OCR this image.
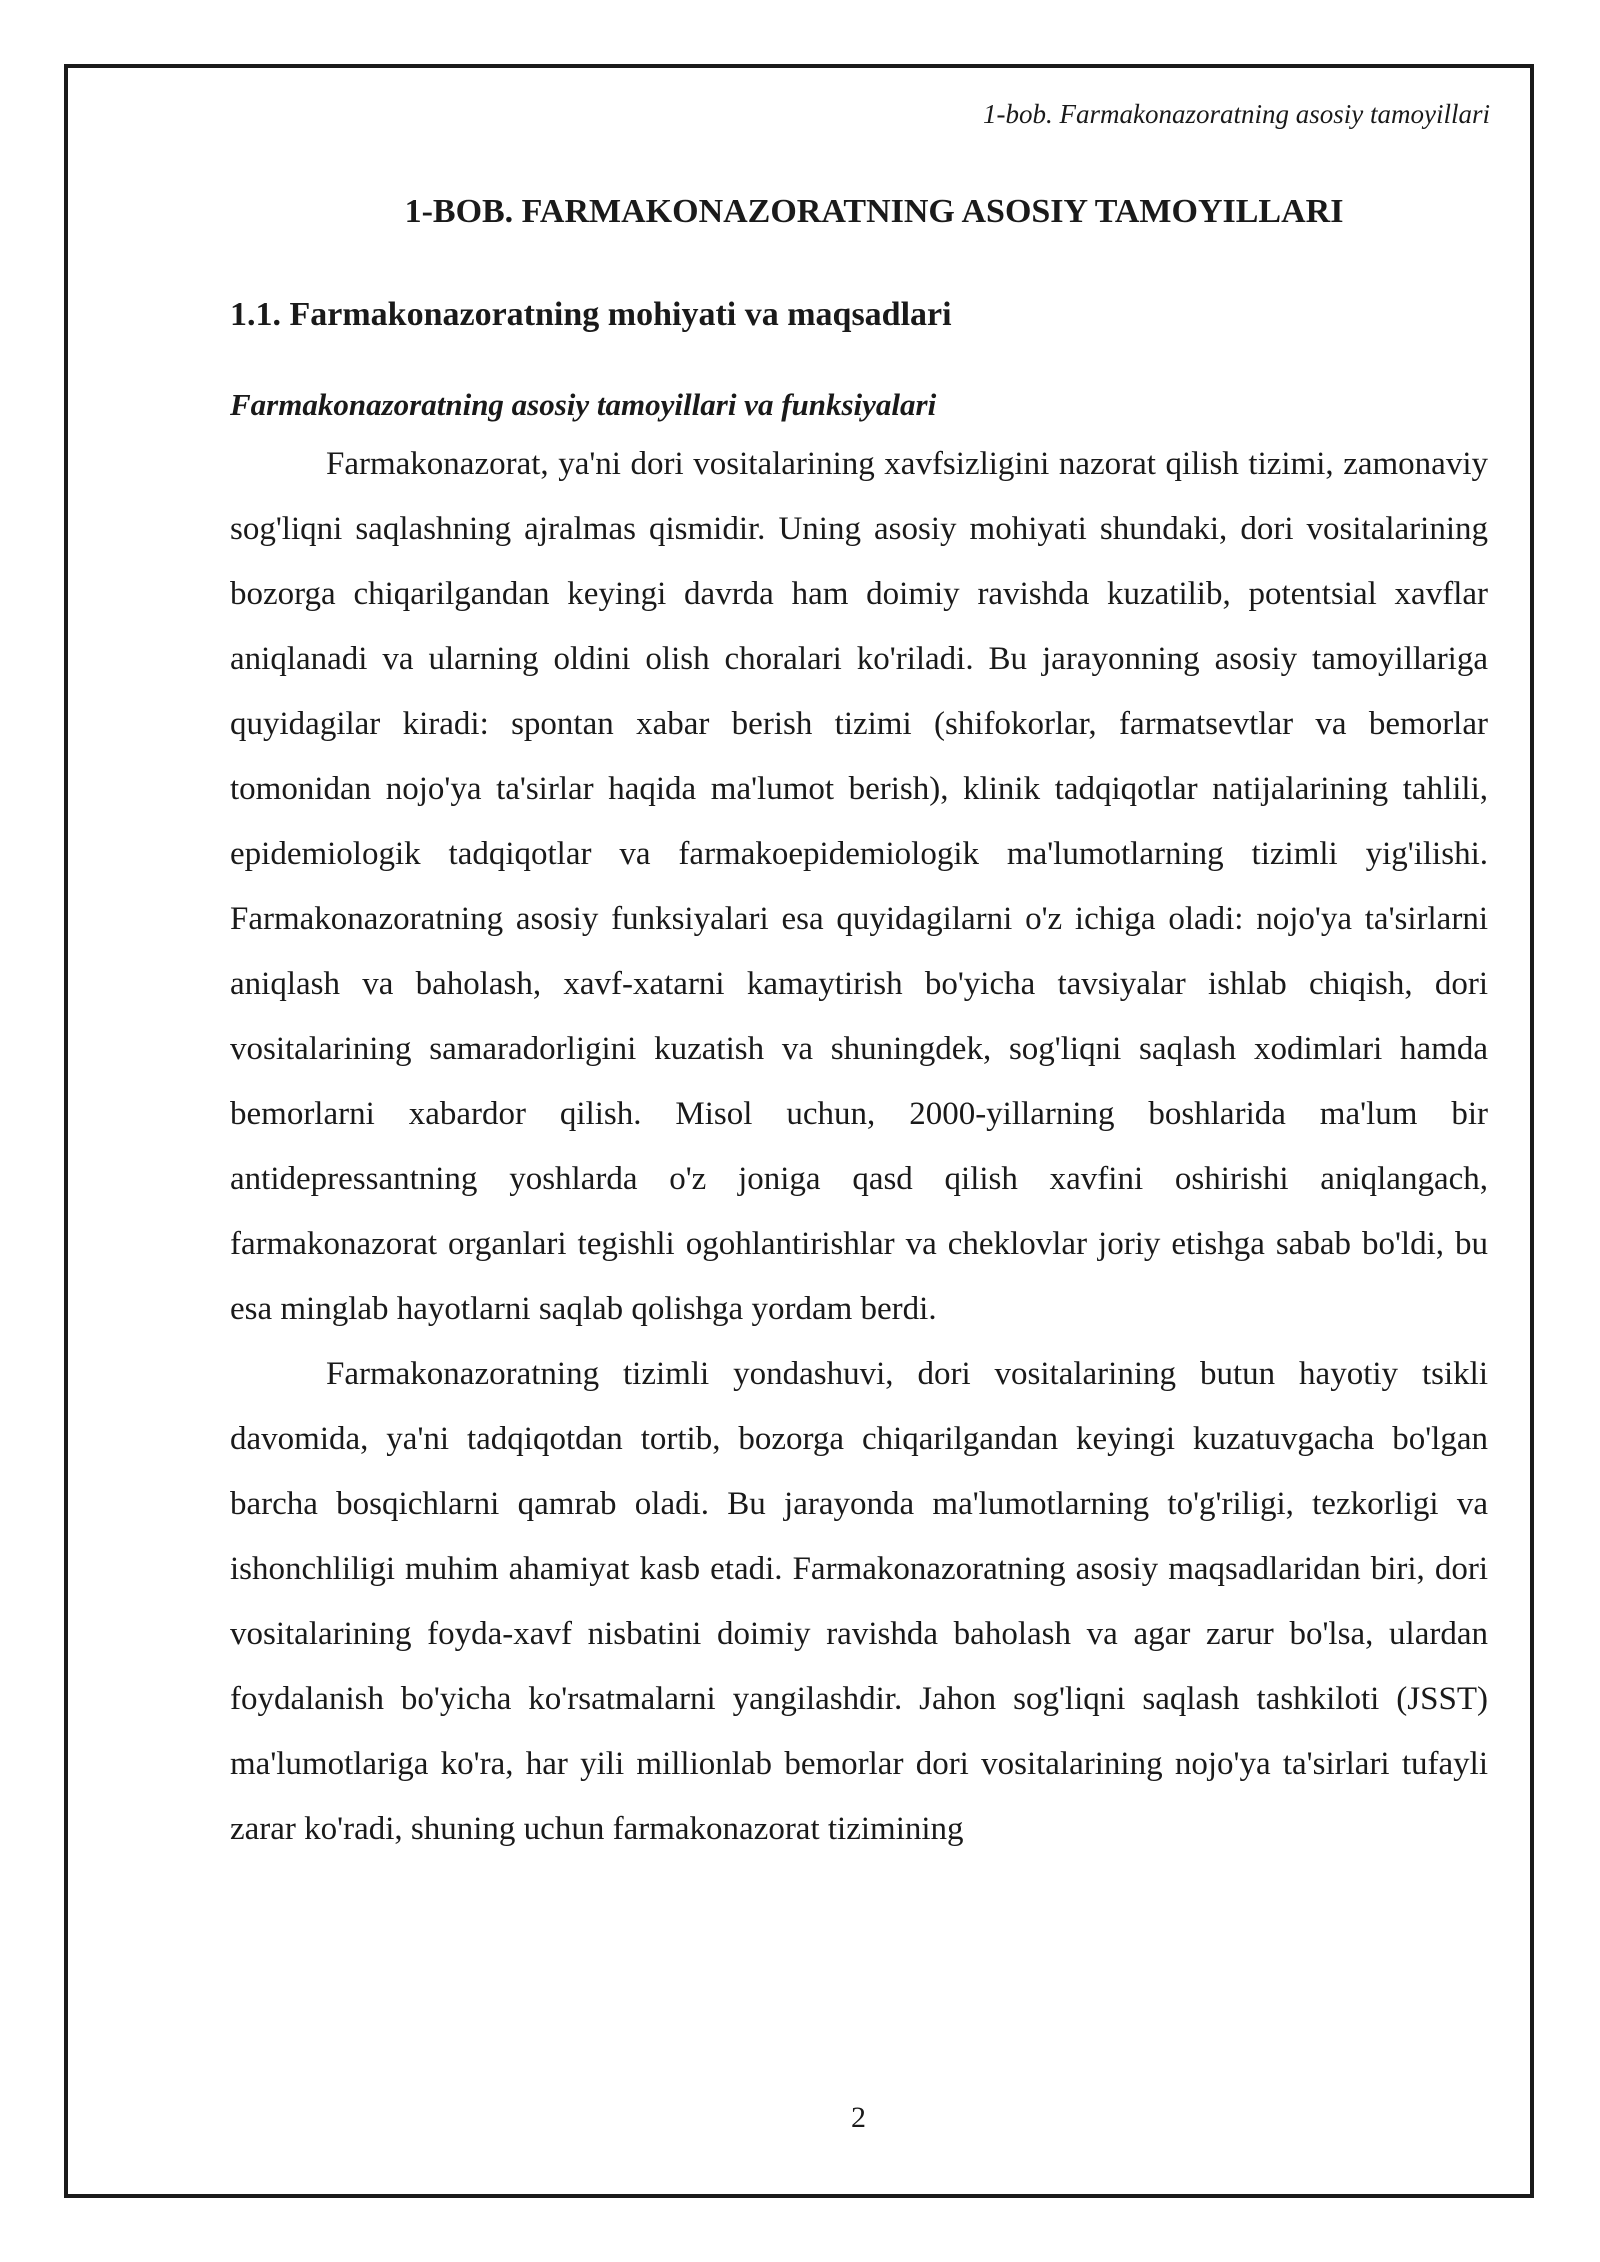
1-bob. Farmakonazoratning asosiy tamoyillari
1-BOB. FARMAKONAZORATNING ASOSIY TAMOYILLARI
1.1. Farmakonazoratning mohiyati va maqsadlari
Farmakonazoratning asosiy tamoyillari va funksiyalari

Farmakonazorat, ya'ni dori vositalarining xavfsizligini nazorat qilish tizimi, zamonaviy sog'liqni saqlashning ajralmas qismidir. Uning asosiy mohiyati shundaki, dori vositalarining bozorga chiqarilgandan keyingi davrda ham doimiy ravishda kuzatilib, potentsial xavflar aniqlanadi va ularning oldini olish choralari ko'riladi. Bu jarayonning asosiy tamoyillariga quyidagilar kiradi: spontan xabar berish tizimi (shifokorlar, farmatsevtlar va bemorlar tomonidan nojo'ya ta'sirlar haqida ma'lumot berish), klinik tadqiqotlar natijalarining tahlili, epidemiologik tadqiqotlar va farmakoepidemiologik ma'lumotlarning tizimli yig'ilishi. Farmakonazoratning asosiy funksiyalari esa quyidagilarni o'z ichiga oladi: nojo'ya ta'sirlarni aniqlash va baholash, xavf-xatarni kamaytirish bo'yicha tavsiyalar ishlab chiqish, dori vositalarining samaradorligini kuzatish va shuningdek, sog'liqni saqlash xodimlari hamda bemorlarni xabardor qilish. Misol uchun, 2000-yillarning boshlarida ma'lum bir antidepressantning yoshlarda o'z joniga qasd qilish xavfini oshirishi aniqlangach, farmakonazorat organlari tegishli ogohlantirishlar va cheklovlar joriy etishga sabab bo'ldi, bu esa minglab hayotlarni saqlab qolishga yordam berdi.

Farmakonazoratning tizimli yondashuvi, dori vositalarining butun hayotiy tsikli davomida, ya'ni tadqiqotdan tortib, bozorga chiqarilgandan keyingi kuzatuvgacha bo'lgan barcha bosqichlarni qamrab oladi. Bu jarayonda ma'lumotlarning to'g'riligi, tezkorligi va ishonchliligi muhim ahamiyat kasb etadi. Farmakonazoratning asosiy maqsadlaridan biri, dori vositalarining foyda-xavf nisbatini doimiy ravishda baholash va agar zarur bo'lsa, ulardan foydalanish bo'yicha ko'rsatmalarni yangilashdir. Jahon sog'liqni saqlash tashkiloti (JSST) ma'lumotlariga ko'ra, har yili millionlab bemorlar dori vositalarining nojo'ya ta'sirlari tufayli zarar ko'radi, shuning uchun farmakonazorat tizimining

2
